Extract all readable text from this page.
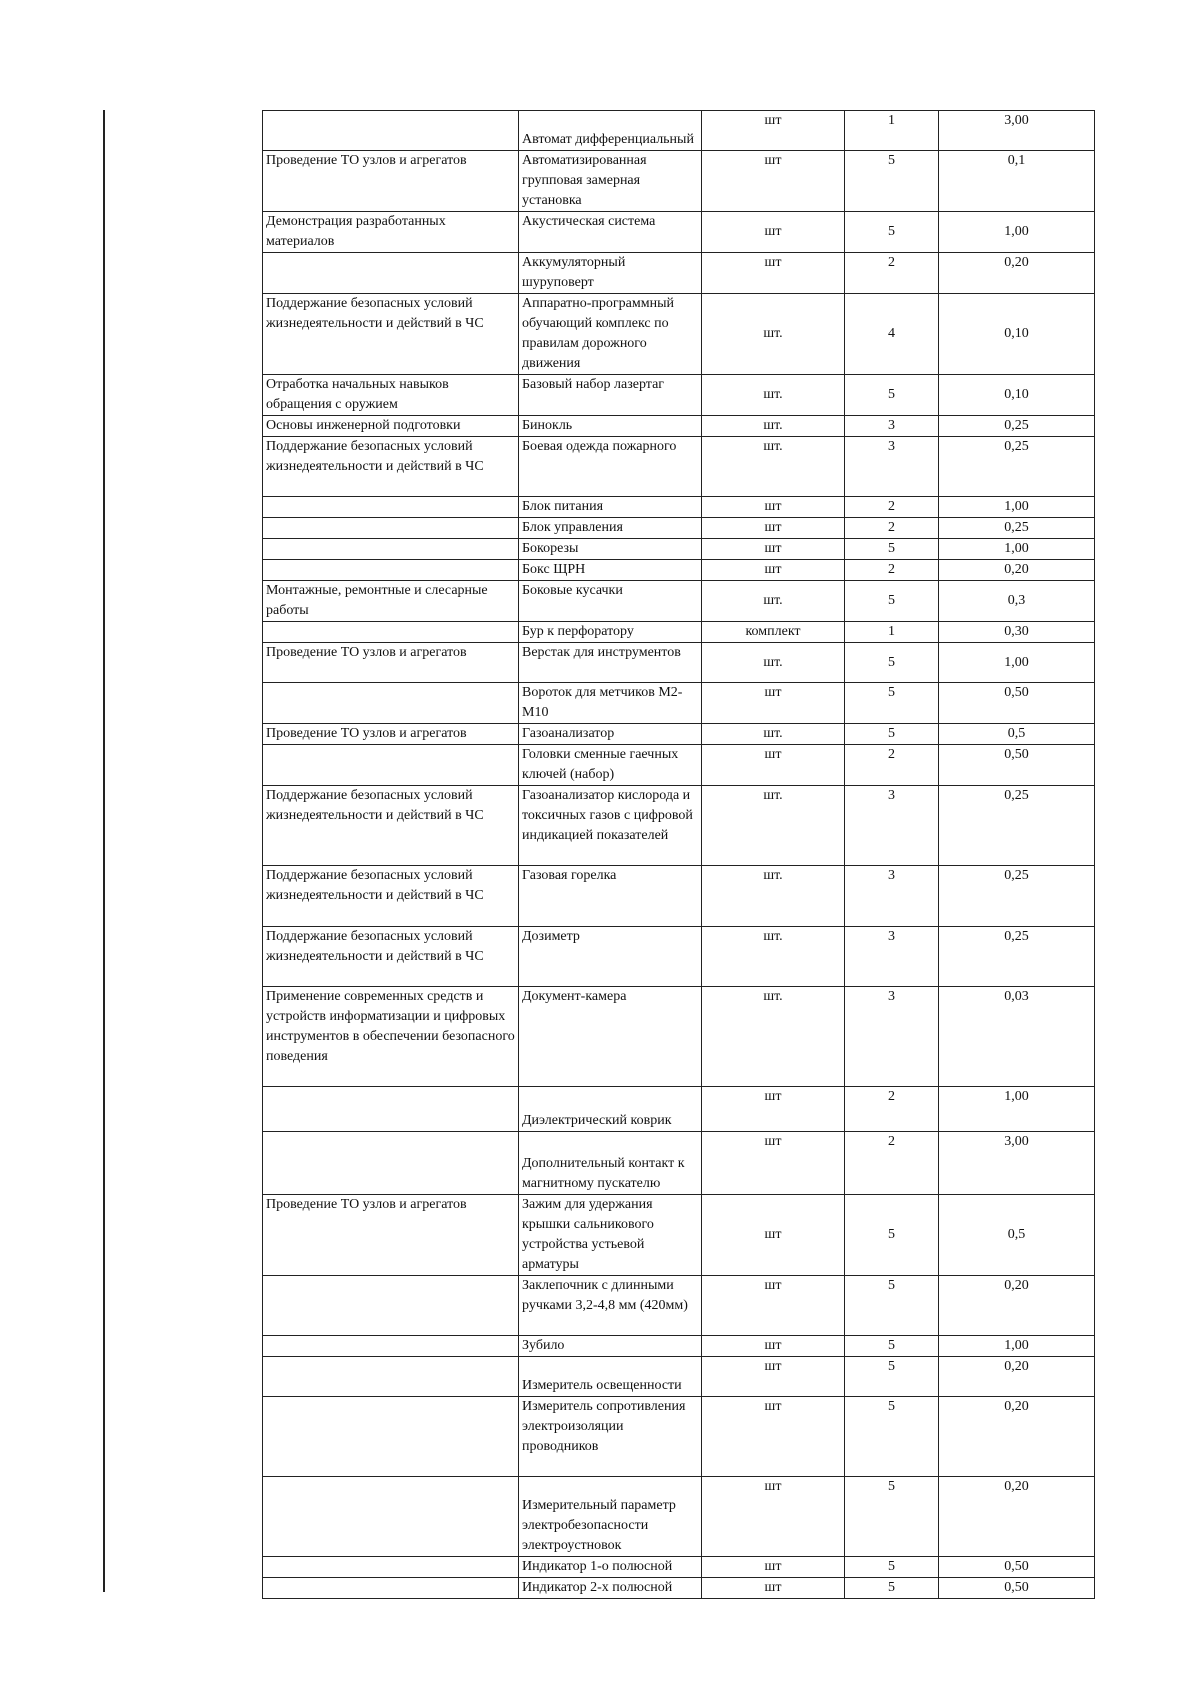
	Автомат дифференциальный	шт	1	3,00
Проведение ТО узлов и агрегатов	Автоматизированная групповая замерная установка	шт	5	0,1
Демонстрация разработанных материалов	Акустическая система	шт	5	1,00
	Аккумуляторный шуруповерт	шт	2	0,20
Поддержание безопасных условий жизнедеятельности и действий в ЧС	Аппаратно-программный обучающий комплекс по правилам дорожного движения	шт.	4	0,10
Отработка начальных навыков обращения с оружием	Базовый набор лазертаг	шт.	5	0,10
Основы инженерной подготовки	Бинокль	шт.	3	0,25
Поддержание безопасных условий жизнедеятельности и действий в ЧС	Боевая одежда пожарного	шт.	3	0,25
	Блок питания	шт	2	1,00
	Блок управления	шт	2	0,25
	Бокорезы	шт	5	1,00
	Бокс ЩРН	шт	2	0,20
Монтажные, ремонтные и слесарные работы	Боковые кусачки	шт.	5	0,3
	Бур к перфоратору	комплект	1	0,30
Проведение ТО узлов и агрегатов	Верстак для инструментов	шт.	5	1,00
	Вороток для метчиков М2-М10	шт	5	0,50
Проведение ТО узлов и агрегатов	Газоанализатор	шт.	5	0,5
	Головки сменные гаечных ключей (набор)	шт	2	0,50
Поддержание безопасных условий жизнедеятельности и действий в ЧС	Газоанализатор кислорода и токсичных газов с цифровой индикацией показателей	шт.	3	0,25
Поддержание безопасных условий жизнедеятельности и действий в ЧС	Газовая горелка	шт.	3	0,25
Поддержание безопасных условий жизнедеятельности и действий в ЧС	Дозиметр	шт.	3	0,25
Применение современных средств и устройств информатизации и цифровых инструментов в обеспечении безопасного поведения	Документ-камера	шт.	3	0,03
	Диэлектрический коврик	шт	2	1,00
	Дополнительный контакт к магнитному пускателю	шт	2	3,00
Проведение ТО узлов и агрегатов	Зажим для удержания крышки сальникового устройства устьевой арматуры	шт	5	0,5
	Заклепочник с длинными ручками 3,2-4,8 мм (420мм)	шт	5	0,20
	Зубило	шт	5	1,00
	Измеритель освещенности	шт	5	0,20
	Измеритель сопротивления электроизоляции проводников	шт	5	0,20
	Измерительный параметр электробезопасности электроустновок	шт	5	0,20
	Индикатор 1-о полюсной	шт	5	0,50
	Индикатор 2-х полюсной	шт	5	0,50
